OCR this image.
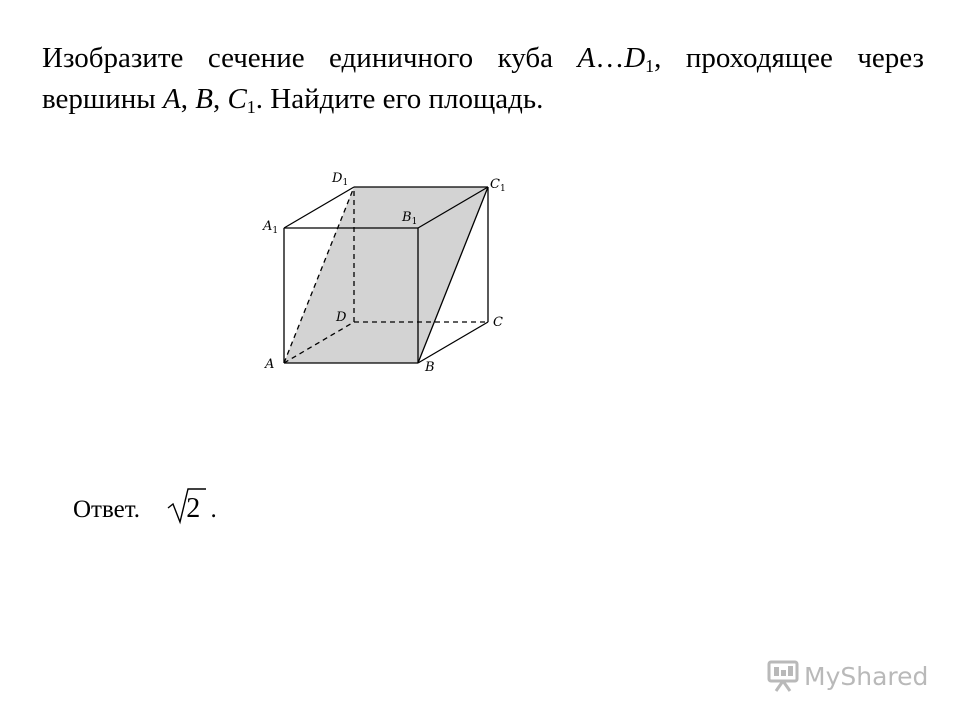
Изобразите сечение единичного куба $A\dots D_1$, проходящее через вершины A, B, $C_1$. Найдите его площадь.
A	B
C
D
$A_1$
$B_1$
$C_1$
$D_1$
Ответ. 2 .
MyShared
